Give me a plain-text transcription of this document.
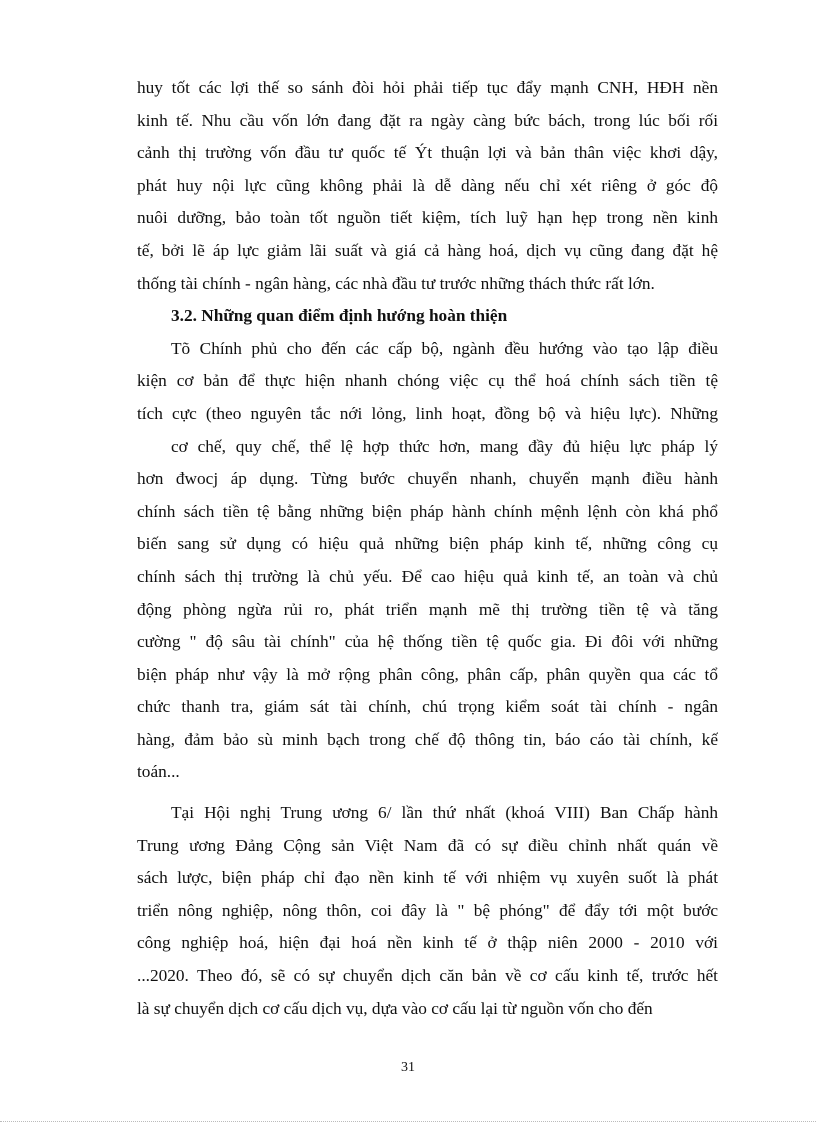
huy tốt các lợi thế so sánh đòi hỏi phải tiếp tục đẩy mạnh CNH, HĐH nền
kinh tế. Nhu cầu vốn lớn đang đặt ra ngày càng bức bách, trong lúc bối rối
cảnh thị trường vốn đầu tư quốc tế Ýt thuận lợi và bản thân việc khơi dậy,
phát huy nội lực cũng không phải là dễ dàng nếu chỉ xét riêng ở góc độ
nuôi dưỡng, bảo toàn tốt nguồn tiết kiệm, tích luỹ hạn hẹp trong nền kinh
tế, bởi lẽ áp lực giảm lãi suất và giá cả hàng hoá, dịch vụ cũng đang đặt hệ
thống tài chính - ngân hàng, các nhà đầu tư trước những thách thức rất lớn.
3.2. Những quan điểm định hướng hoàn thiện
Tõ Chính phủ cho đến các cấp bộ, ngành đều hướng vào tạo lập điều
kiện cơ bản để thực hiện nhanh chóng việc cụ thể hoá chính sách tiền tệ
tích cực (theo nguyên tắc nới lỏng, linh hoạt, đồng bộ và hiệu lực). Những
cơ chế, quy chế, thể lệ hợp thức hơn, mang đầy đủ hiệu lực pháp lý
hơn đwocj áp dụng. Từng bước chuyển nhanh, chuyển mạnh điều hành
chính sách tiền tệ bằng những biện pháp hành chính mệnh lệnh còn khá phổ
biến sang sử dụng có hiệu quả những biện pháp kinh tế, những công cụ
chính sách thị trường là chủ yếu. Để cao hiệu quả kinh tế, an toàn và chủ
động phòng ngừa rủi ro, phát triển mạnh mẽ thị trường tiền tệ và tăng
cường " độ sâu tài chính" của hệ thống tiền tệ quốc gia. Đi đôi với những
biện pháp như vậy là mở rộng phân công, phân cấp, phân quyền qua các tổ
chức thanh tra, giám sát tài chính, chú trọng kiểm soát tài chính - ngân
hàng, đảm bảo sù minh bạch trong chế độ thông tin, báo cáo tài chính, kế
toán...
Tại Hội nghị Trung ương 6/ lần thứ nhất (khoá VIII) Ban Chấp hành
Trung ương Đảng Cộng sản Việt Nam đã có sự điều chỉnh nhất quán về
sách lược, biện pháp chỉ đạo nền kinh tế với nhiệm vụ xuyên suốt là phát
triển nông nghiệp, nông thôn, coi đây là " bệ phóng" để đẩy tới một bước
công nghiệp hoá, hiện đại hoá nền kinh tế ở thập niên 2000 - 2010 với
...2020. Theo đó, sẽ có sự chuyển dịch căn bản về cơ cấu kinh tế, trước hết
là sự chuyển dịch cơ cấu dịch vụ, dựa vào cơ cấu lại từ nguồn vốn cho đến
31
